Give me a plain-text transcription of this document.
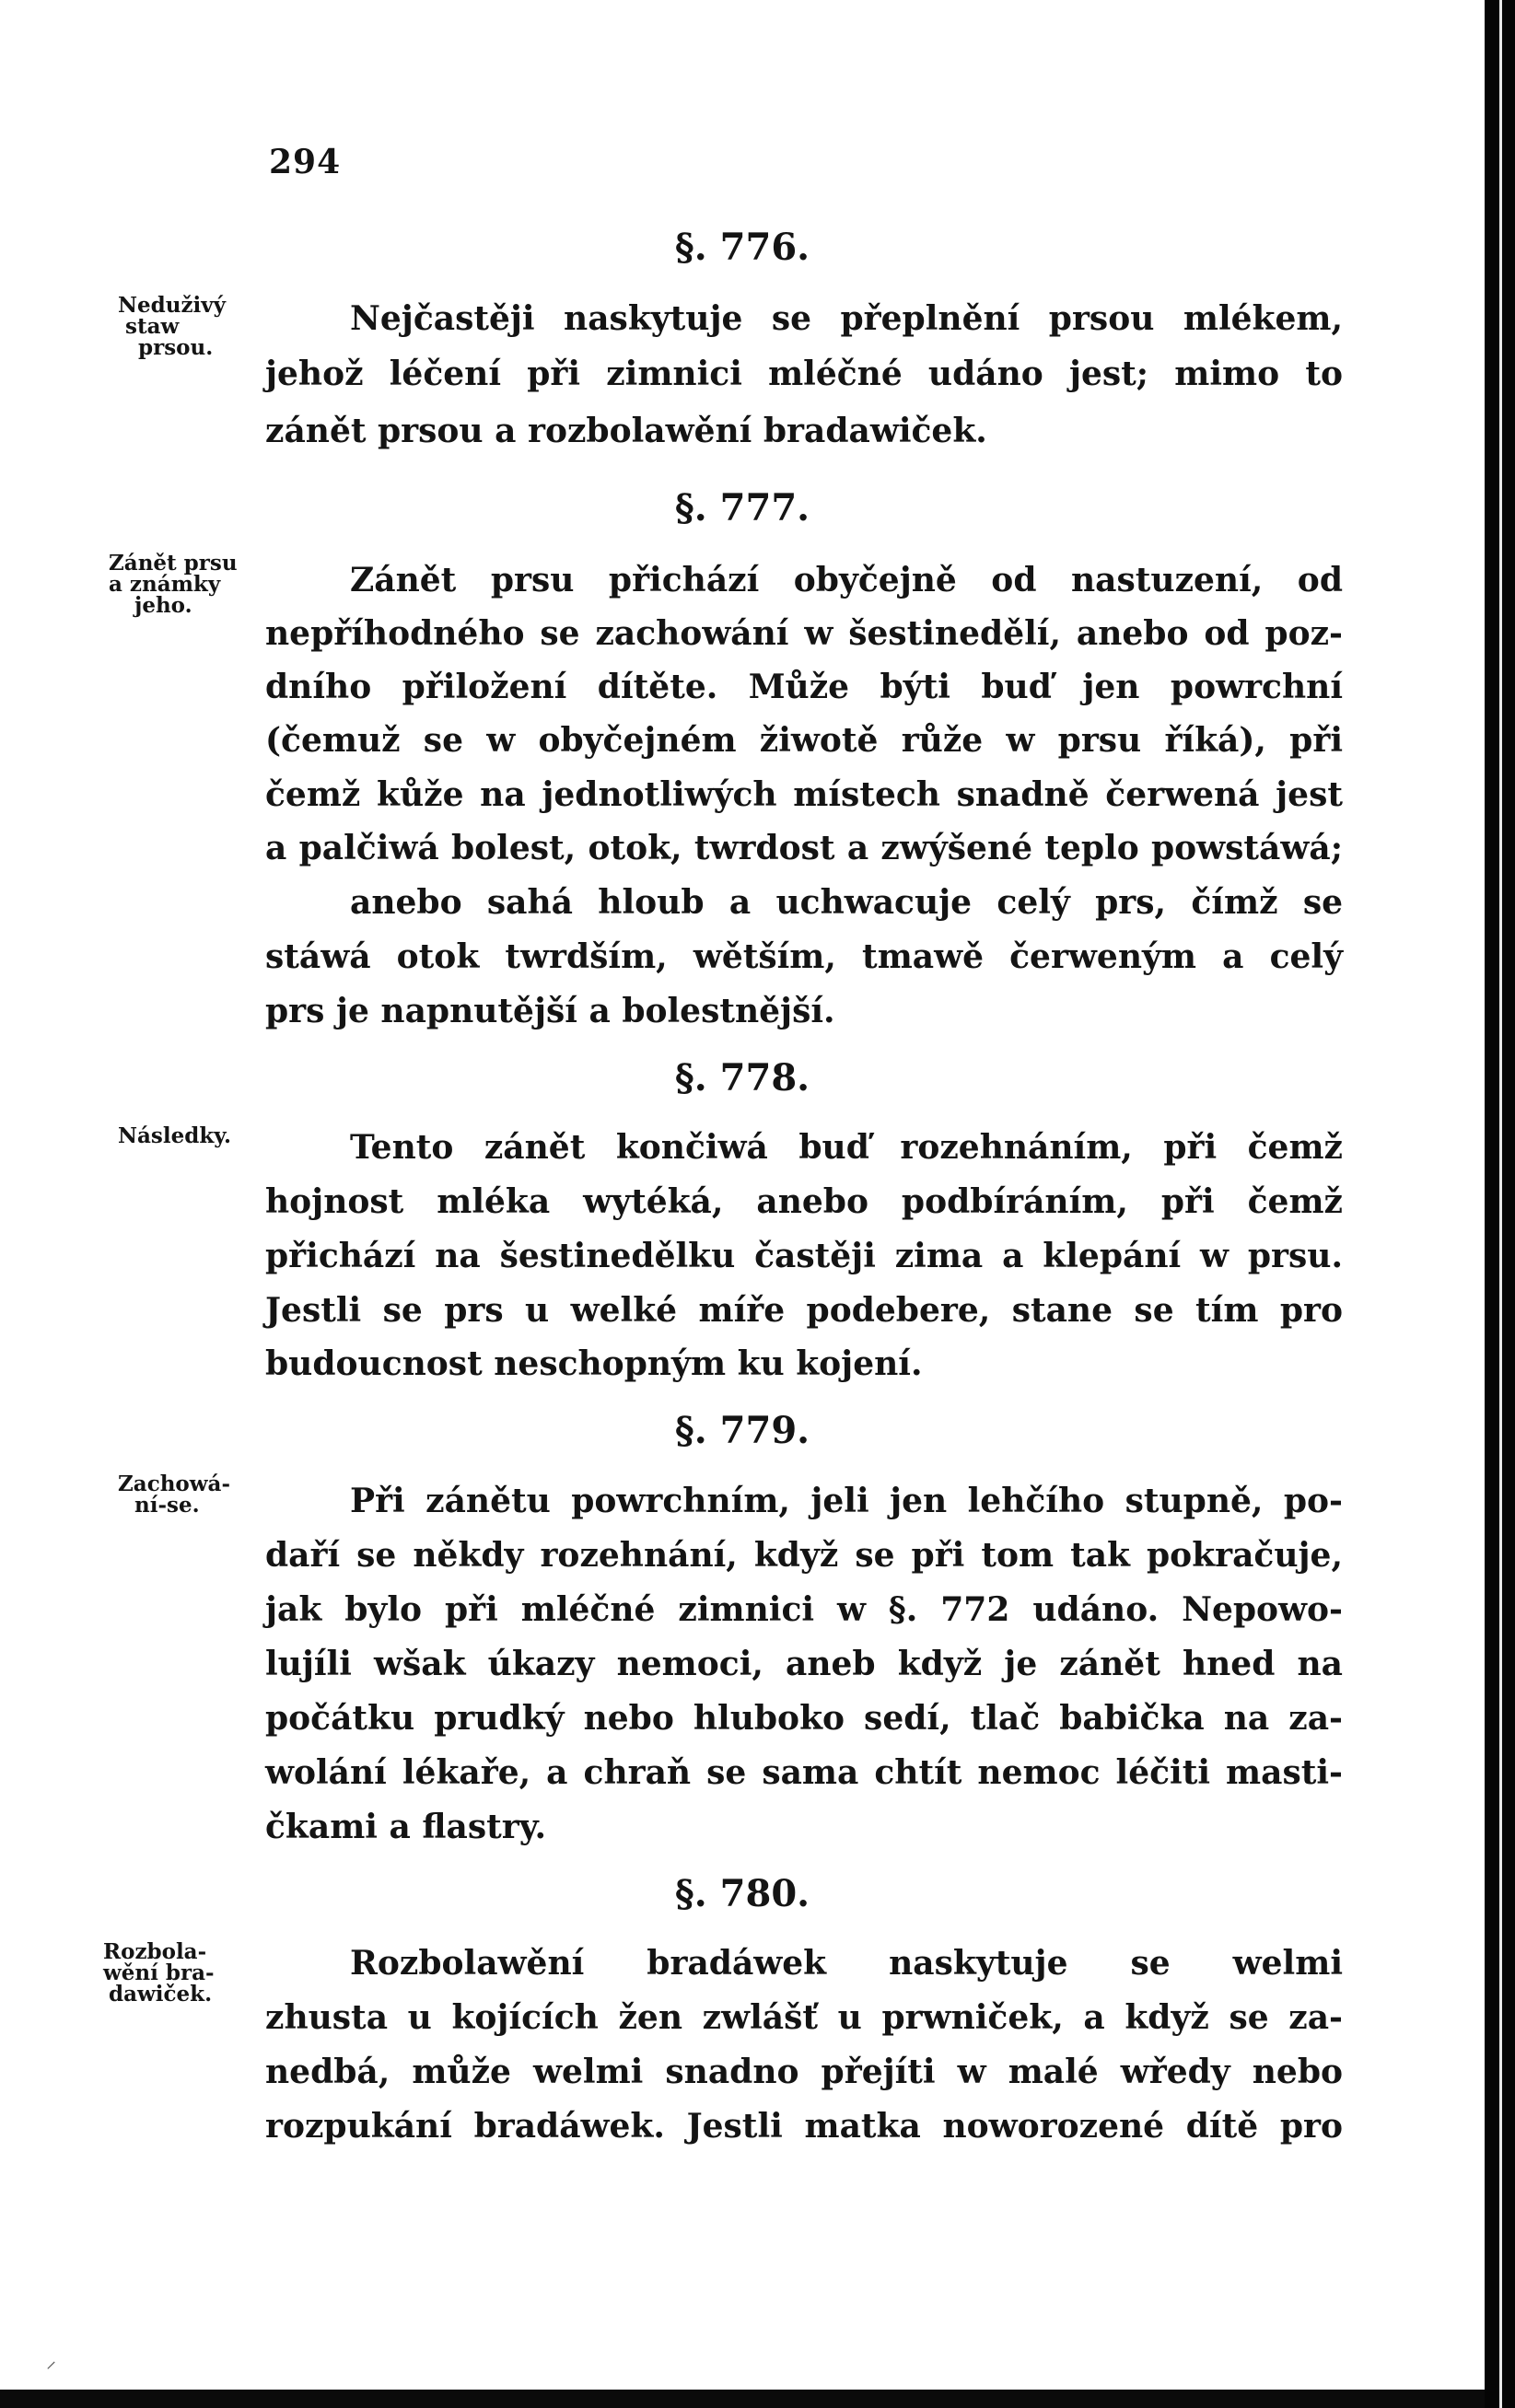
294
§. 776.
Neduživý
staw
prsou.
Nejčastěji naskytuje se přeplnění prsou mlékem,
jehož léčení při zimnici mléčné udáno jest; mimo to
zánět prsou a rozbolawění bradawiček.
§. 777.
Zánět prsu
a známky
jeho.
Zánět prsu přichází obyčejně od nastuzení, od
nepříhodného se zachowání w šestinedělí, anebo od poz-
dního přiložení dítěte. Může býti buď jen powrchní
(čemuž se w obyčejném žiwotě růže w prsu říká), při
čemž kůže na jednotliwých místech snadně čerwená jest
a palčiwá bolest, otok, twrdost a zwýšené teplo powstáwá;
anebo sahá hloub a uchwacuje celý prs, čímž se
stáwá otok twrdším, wětším, tmawě čerweným a celý
prs je napnutější a bolestnější.
§. 778.
Následky.	Tento zánět končiwá buď rozehnáním, při čemž
hojnost mléka wytéká, anebo podbíráním, při čemž
přichází na šestinedělku častěji zima a klepání w prsu.
Jestli se prs u welké míře podebere, stane se tím pro
budoucnost neschopným ku kojení.
§. 779.
Zachowá-
ní-se.	Při zánětu powrchním, jeli jen lehčího stupně, po-
daří se někdy rozehnání, když se při tom tak pokračuje,
jak bylo při mléčné zimnici w §. 772 udáno. Nepowo-
lujíli wšak úkazy nemoci, aneb když je zánět hned na
počátku prudký nebo hluboko sedí, tlač babička na za-
wolání lékaře, a chraň se sama chtít nemoc léčiti masti-
čkami a flastry.
§. 780.
Rozbola-
wění bra-
dawiček.
Rozbolawění bradáwek naskytuje se welmi
zhusta u kojících žen zwlášť u prwniček, a když se za-
nedbá, může welmi snadno přejíti w malé wředy nebo
rozpukání bradáwek. Jestli matka noworozené dítě pro
⸝
